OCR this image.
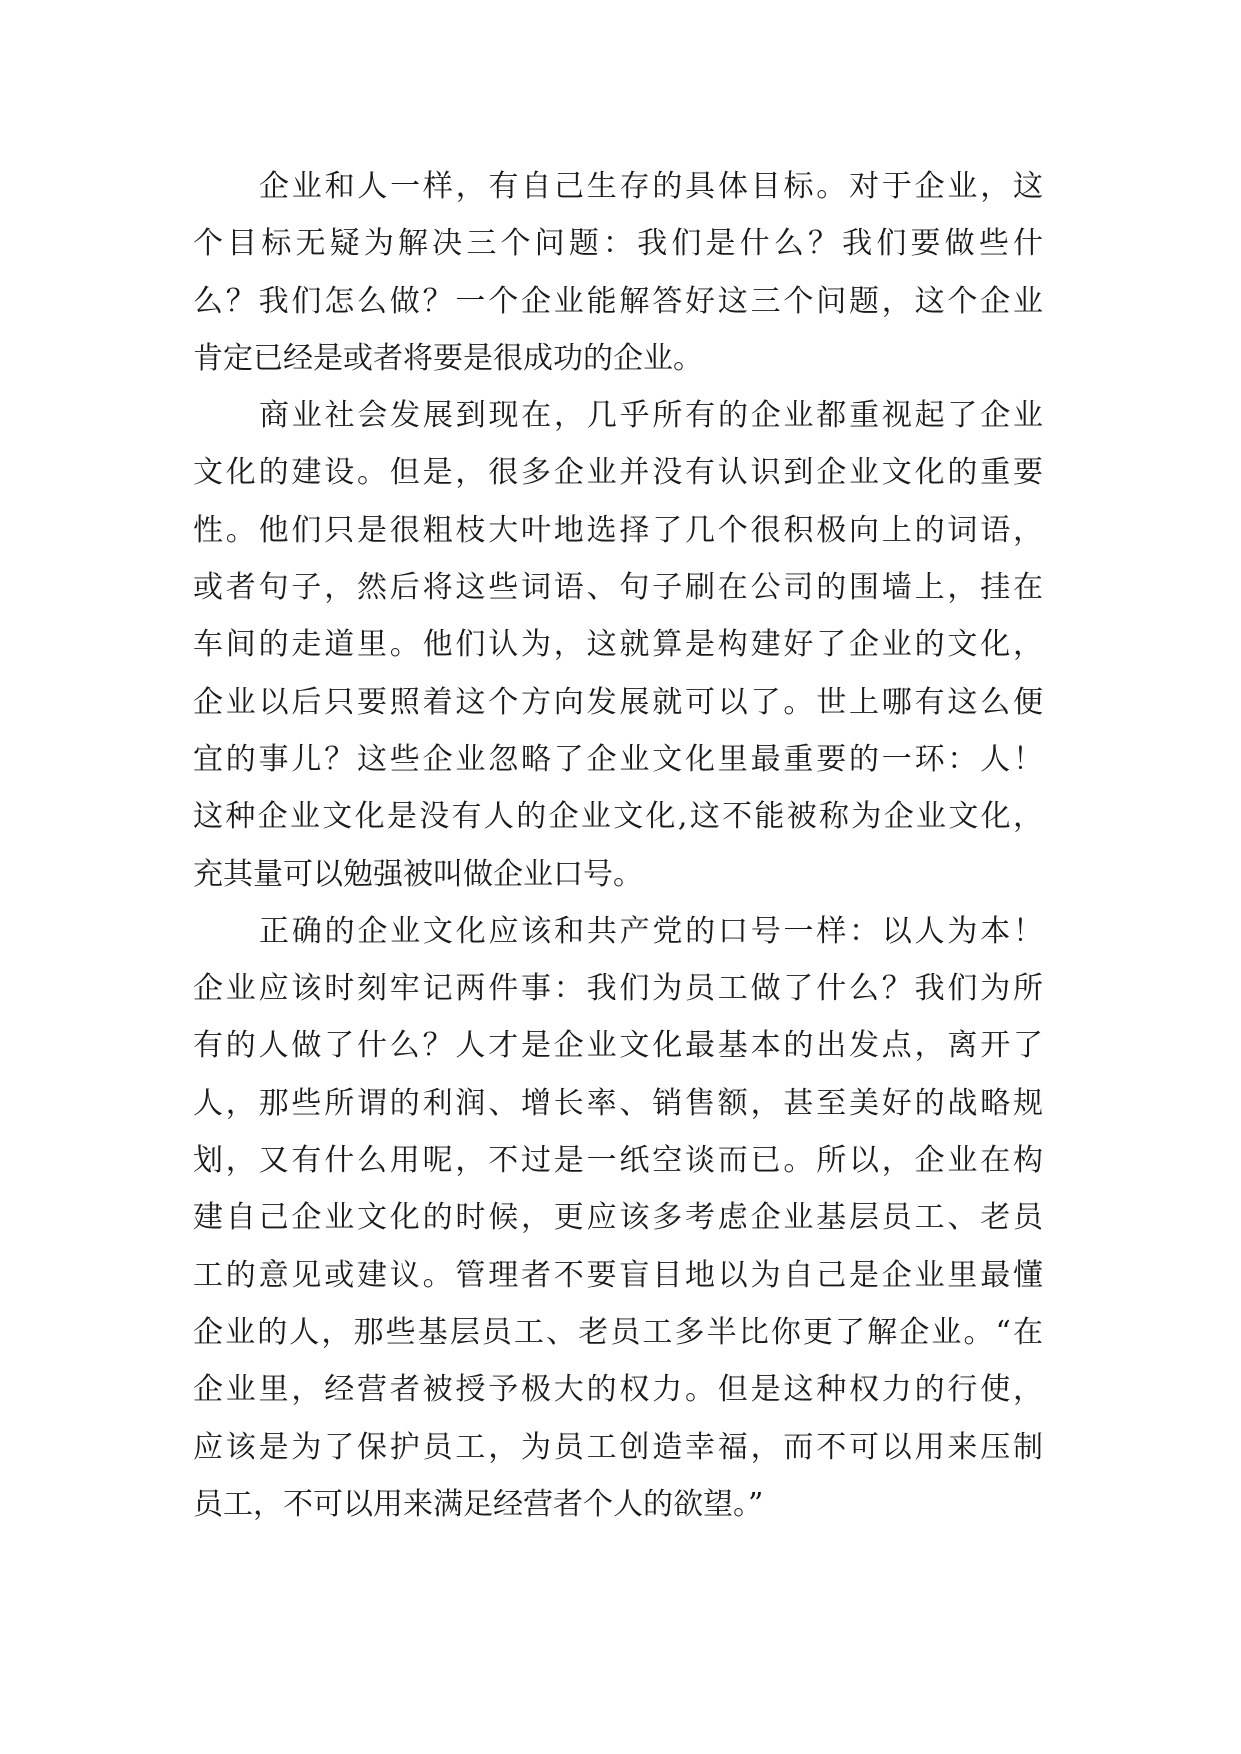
企业和人一样，有自己生存的具体目标。对于企业，这
个目标无疑为解决三个问题：我们是什么？我们要做些什
么？我们怎么做？一个企业能解答好这三个问题，这个企业
肯定已经是或者将要是很成功的企业。
商业社会发展到现在，几乎所有的企业都重视起了企业
文化的建设。但是，很多企业并没有认识到企业文化的重要
性。他们只是很粗枝大叶地选择了几个很积极向上的词语，
或者句子，然后将这些词语、句子刷在公司的围墙上，挂在
车间的走道里。他们认为，这就算是构建好了企业的文化，
企业以后只要照着这个方向发展就可以了。世上哪有这么便
宜的事儿？这些企业忽略了企业文化里最重要的一环：人！
这种企业文化是没有人的企业文化,这不能被称为企业文化，
充其量可以勉强被叫做企业口号。
正确的企业文化应该和共产党的口号一样：以人为本！
企业应该时刻牢记两件事：我们为员工做了什么？我们为所
有的人做了什么？人才是企业文化最基本的出发点，离开了
人，那些所谓的利润、增长率、销售额，甚至美好的战略规
划，又有什么用呢，不过是一纸空谈而已。所以，企业在构
建自己企业文化的时候，更应该多考虑企业基层员工、老员
工的意见或建议。管理者不要盲目地以为自己是企业里最懂
企业的人，那些基层员工、老员工多半比你更了解企业。“在
企业里，经营者被授予极大的权力。但是这种权力的行使，
应该是为了保护员工，为员工创造幸福，而不可以用来压制
员工，不可以用来满足经营者个人的欲望。”
